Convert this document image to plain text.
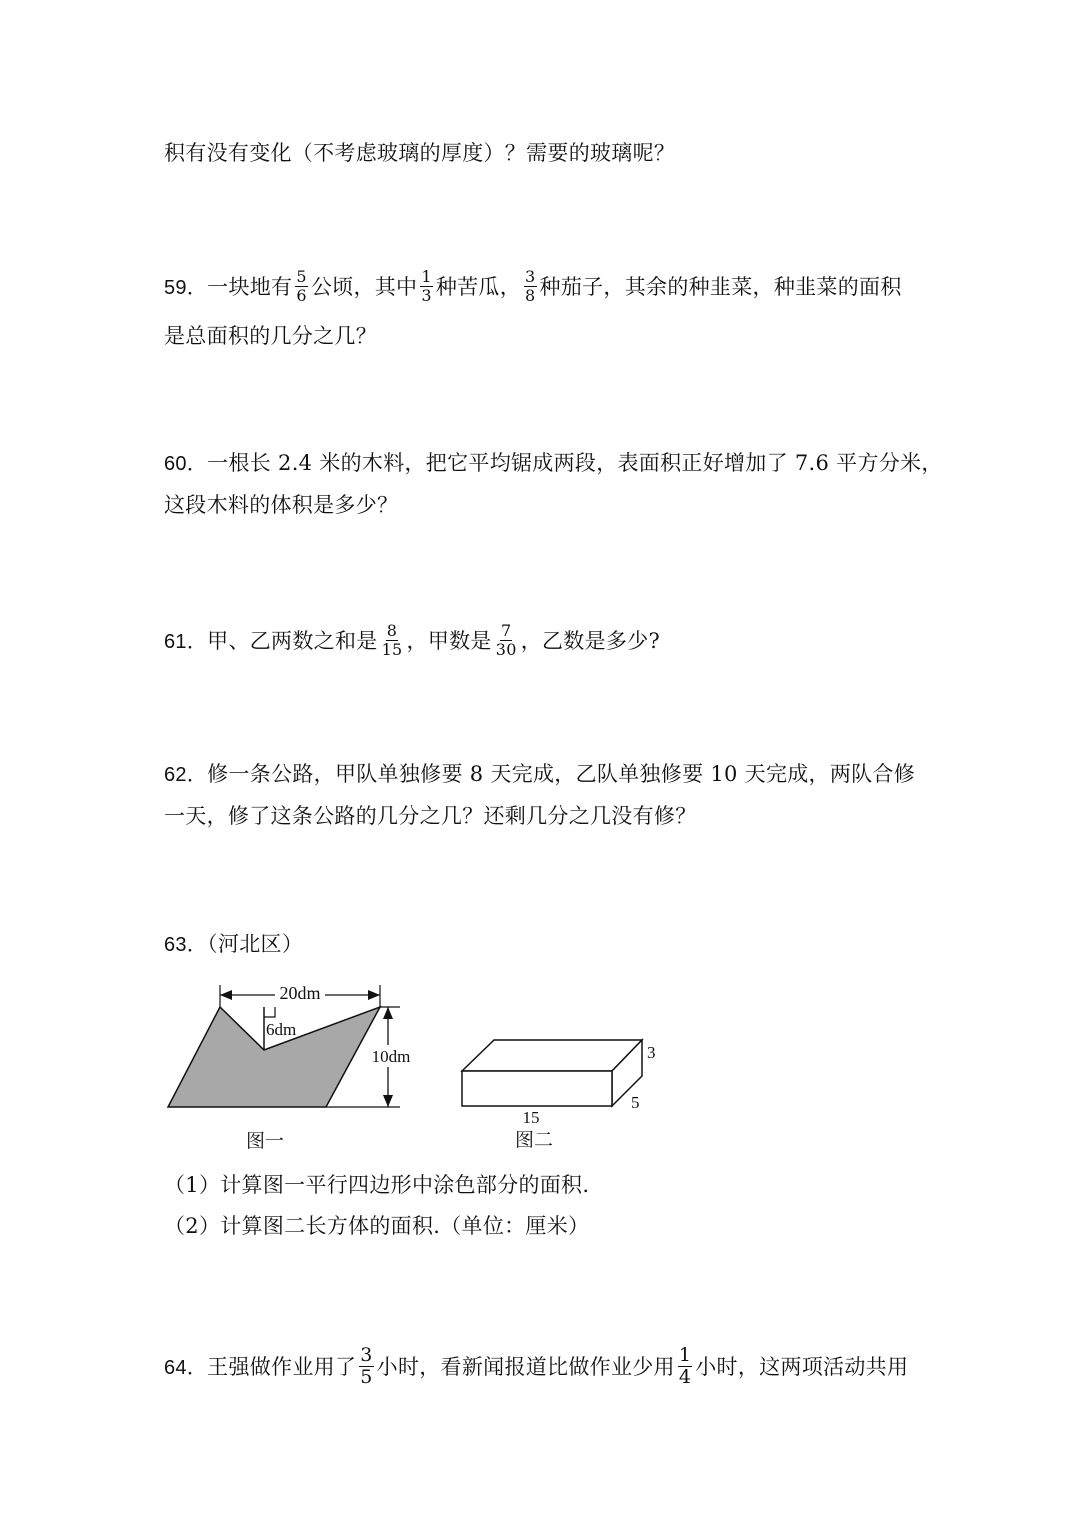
积有没有变化（不考虑玻璃的厚度）？需要的玻璃呢？
59．一块地有 $\frac{5}{6}$ 公顷，其中 $\frac{1}{3}$ 种苦瓜， $\frac{3}{8}$ 种茄子，其余的种韭菜，种韭菜的面积
是总面积的几分之几？
60．一根长 2.4 米的木料，把它平均锯成两段，表面积正好增加了 7.6 平方分米，
这段木料的体积是多少？
61．甲、乙两数之和是 $\frac{8}{15}$ ，甲数是 $\frac{7}{30}$ ，乙数是多少?
62．修一条公路，甲队单独修要 8 天完成，乙队单独修要 10 天完成，两队合修
一天，修了这条公路的几分之几？还剩几分之几没有修？
63．（河北区）
20dm
6dm
10dm
图一
3
5
15
图二
（1）计算图一平行四边形中涂色部分的面积.
（2）计算图二长方体的面积.（单位：厘米）
64．王强做作业用了 $\frac{3}{5}$ 小时，看新闻报道比做作业少用 $\frac{1}{4}$ 小时，这两项活动共用
